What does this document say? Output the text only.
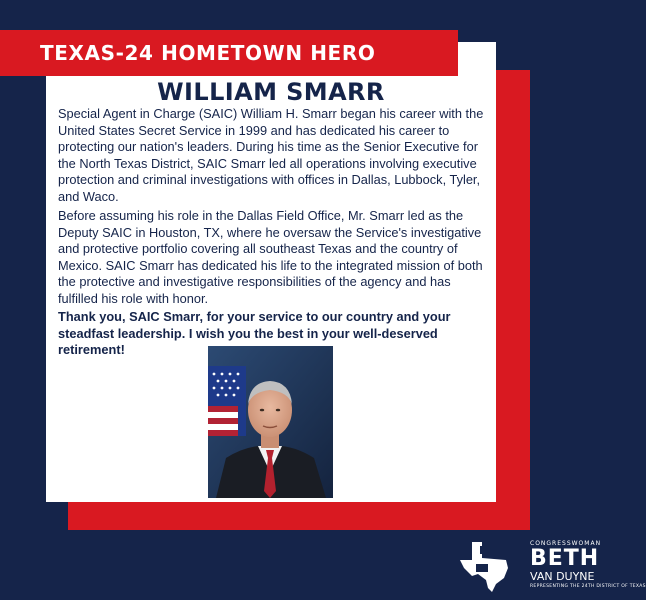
TEXAS-24 HOMETOWN HERO
WILLIAM SMARR

Special Agent in Charge (SAIC) William H. Smarr began his career with the United States Secret Service in 1999 and has dedicated his career to protecting our nation's leaders. During his time as the Senior Executive for the North Texas District, SAIC Smarr led all operations involving executive protection and criminal investigations with offices in Dallas, Lubbock, Tyler, and Waco.

Before assuming his role in the Dallas Field Office, Mr. Smarr led as the Deputy SAIC in Houston, TX, where he oversaw the Service's investigative and protective portfolio covering all southeast Texas and the country of Mexico. SAIC Smarr has dedicated his life to the integrated mission of both the protective and investigative responsibilities of the agency and has fulfilled his role with honor.

Thank you, SAIC Smarr, for your service to our country and your steadfast leadership. I wish you the best in your well-deserved retirement!

CONGRESSWOMAN
BETH
VAN DUYNE
REPRESENTING THE 24TH DISTRICT OF TEXAS
